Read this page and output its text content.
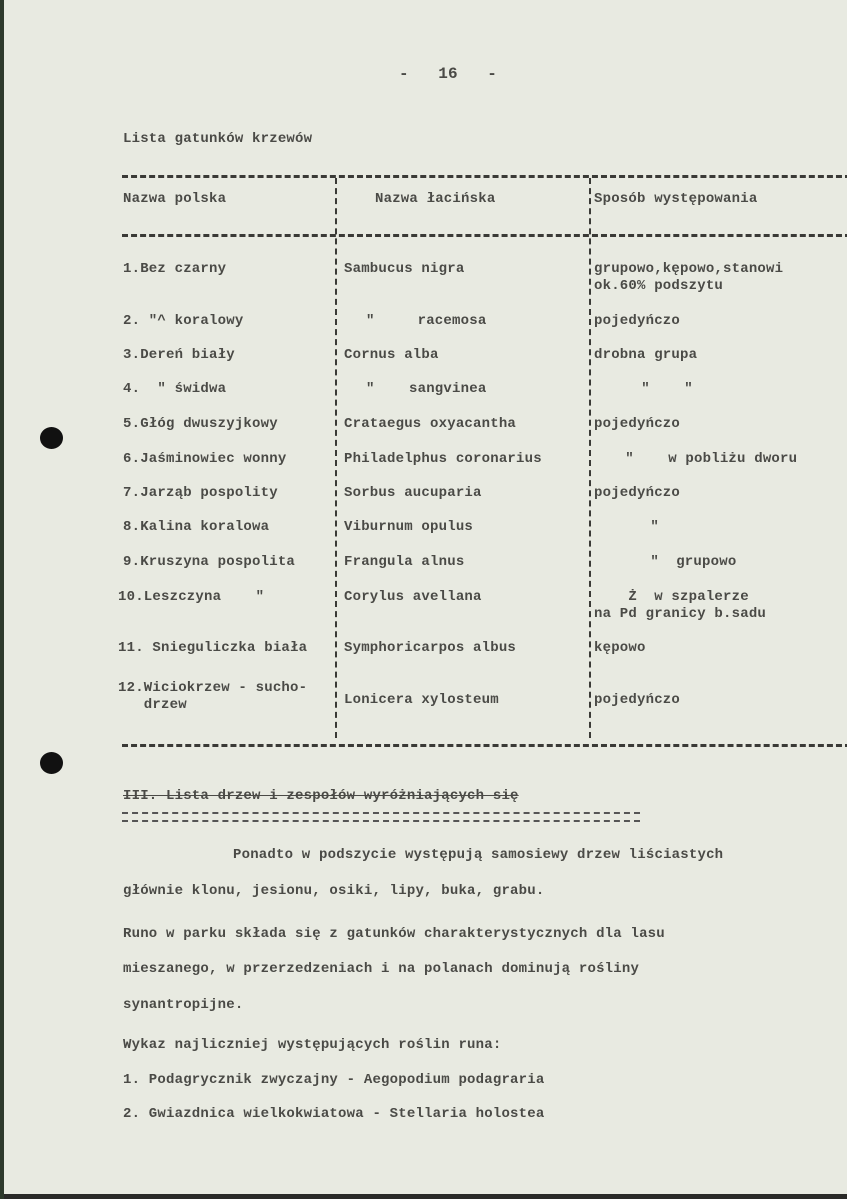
-   16   -
Lista gatunków krzewów
Nazwa polska	Nazwa łacińska	Sposób występowania
1.Bez czarny	Sambucus nigra	grupowo,kępowo,stanowi
ok.60% podszytu
2. "^ koralowy	"     racemosa	pojedyńczo
3.Dereń biały	Cornus alba	drobna grupa
4.  " świdwa	"    sangvinea	"    "
5.Głóg dwuszyjkowy	Crataegus oxyacantha	pojedyńczo
6.Jaśminowiec wonny	Philadelphus coronarius	"    w pobliżu dworu
7.Jarząb pospolity	Sorbus aucuparia	pojedyńczo
8.Kalina koralowa	Viburnum opulus	"
9.Kruszyna pospolita	Frangula alnus	"  grupowo
10.Leszczyna    "	Corylus avellana	Ż  w szpalerze
na Pd granicy b.sadu
11. Snieguliczka biała	Symphoricarpos albus	kępowo
12.Wiciokrzew - sucho-
drzew	Lonicera xylosteum	pojedyńczo
III. Lista drzew i zespołów wyróżniających się
Ponadto w podszycie występują samosiewy drzew liściastych
głównie klonu, jesionu, osiki, lipy, buka, grabu.
Runo w parku składa się z gatunków charakterystycznych dla lasu
mieszanego, w przerzedzeniach i na polanach dominują rośliny
synantropijne.
Wykaz najliczniej występujących roślin runa:
1. Podagrycznik zwyczajny - Aegopodium podagraria
2. Gwiazdnica wielkokwiatowa - Stellaria holostea
